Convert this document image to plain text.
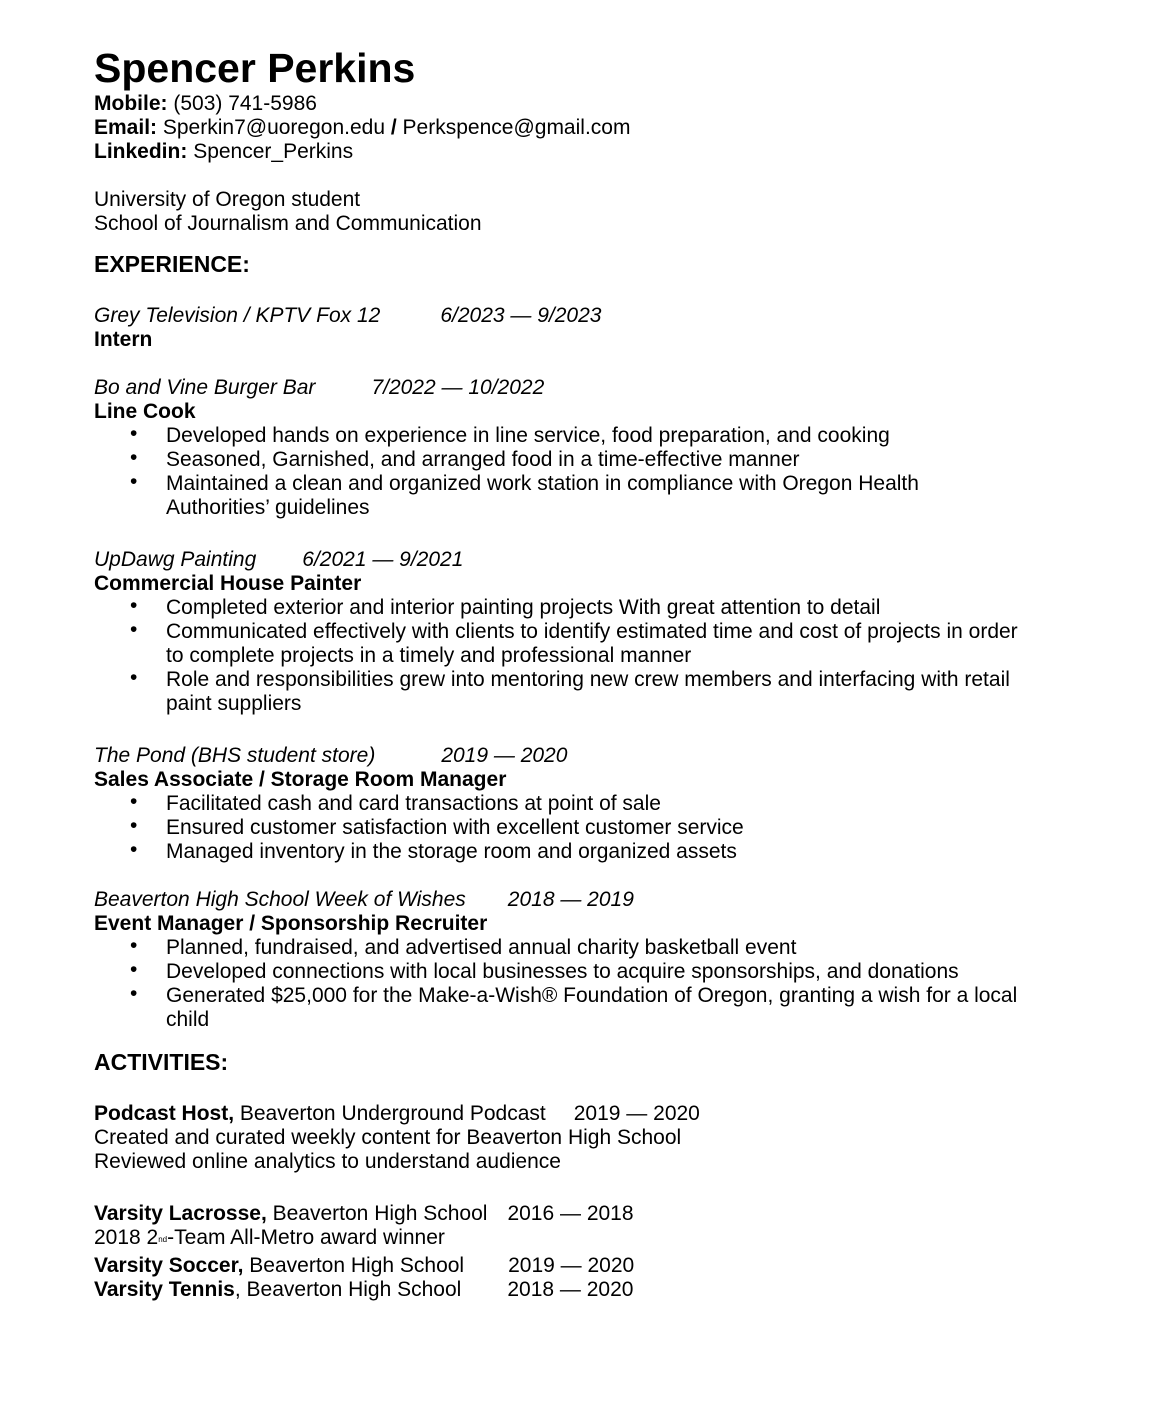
Spencer Perkins
Mobile: (503) 741-5986
Email: Sperkin7@uoregon.edu / Perkspence@gmail.com
Linkedin: Spencer_Perkins
University of Oregon student
School of Journalism and Communication
EXPERIENCE:
Grey Television / KPTV Fox 12	6/2023 — 9/2023
Intern
Bo and Vine Burger Bar	7/2022 — 10/2022
Line Cook
• Developed hands on experience in line service, food preparation, and cooking
• Seasoned, Garnished, and arranged food in a time-effective manner
• Maintained a clean and organized work station in compliance with Oregon Health Authorities’ guidelines
UpDawg Painting 6/2021 — 9/2021
Commercial House Painter
• Completed exterior and interior painting projects With great attention to detail
• Communicated effectively with clients to identify estimated time and cost of projects in order to complete projects in a timely and professional manner
• Role and responsibilities grew into mentoring new crew members and interfacing with retail paint suppliers
The Pond (BHS student store)	2019 — 2020
Sales Associate / Storage Room Manager
• Facilitated cash and card transactions at point of sale
• Ensured customer satisfaction with excellent customer service
• Managed inventory in the storage room and organized assets
Beaverton High School Week of Wishes 2018 — 2019
Event Manager / Sponsorship Recruiter
• Planned, fundraised, and advertised annual charity basketball event
• Developed connections with local businesses to acquire sponsorships, and donations
• Generated $25,000 for the Make-a-Wish® Foundation of Oregon, granting a wish for a local child
ACTIVITIES:
Podcast Host, Beaverton Underground Podcast 2019 — 2020
Created and curated weekly content for Beaverton High School
Reviewed online analytics to understand audience
Varsity Lacrosse, Beaverton High School 2016 — 2018
2018 2nd-Team All-Metro award winner
Varsity Soccer, Beaverton High School 2019 — 2020
Varsity Tennis, Beaverton High School 2018 — 2020
